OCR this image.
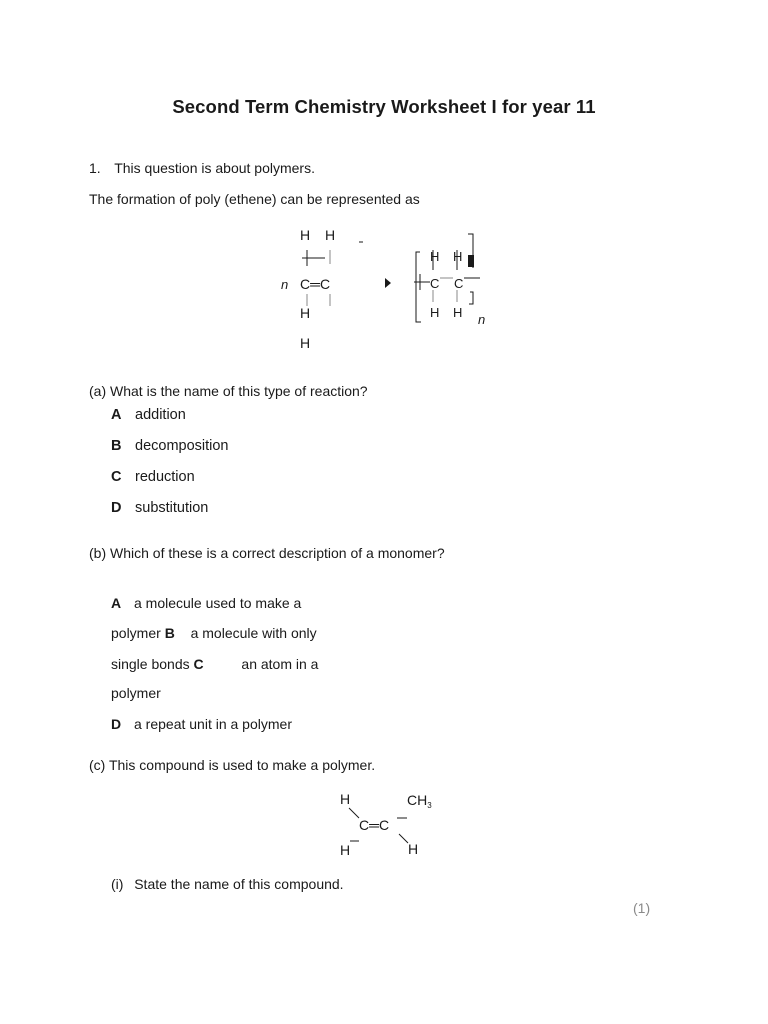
Second Term Chemistry Worksheet I for year 11
1. This question is about polymers.
The formation of poly (ethene) can be represented as
H H
n C═C
H
H
H H
C C
H H n
(a) What is the name of this type of reaction?
A addition
B decomposition
C reduction
D substitution
(b) Which of these is a correct description of a monomer?
A a molecule used to make a
polymer B a molecule with only
single bonds C	an atom in a
polymer
D a repeat unit in a polymer
(c) This compound is used to make a polymer.
H	$CH_3$
C═C
H	H
(i) State the name of this compound.
(1)
